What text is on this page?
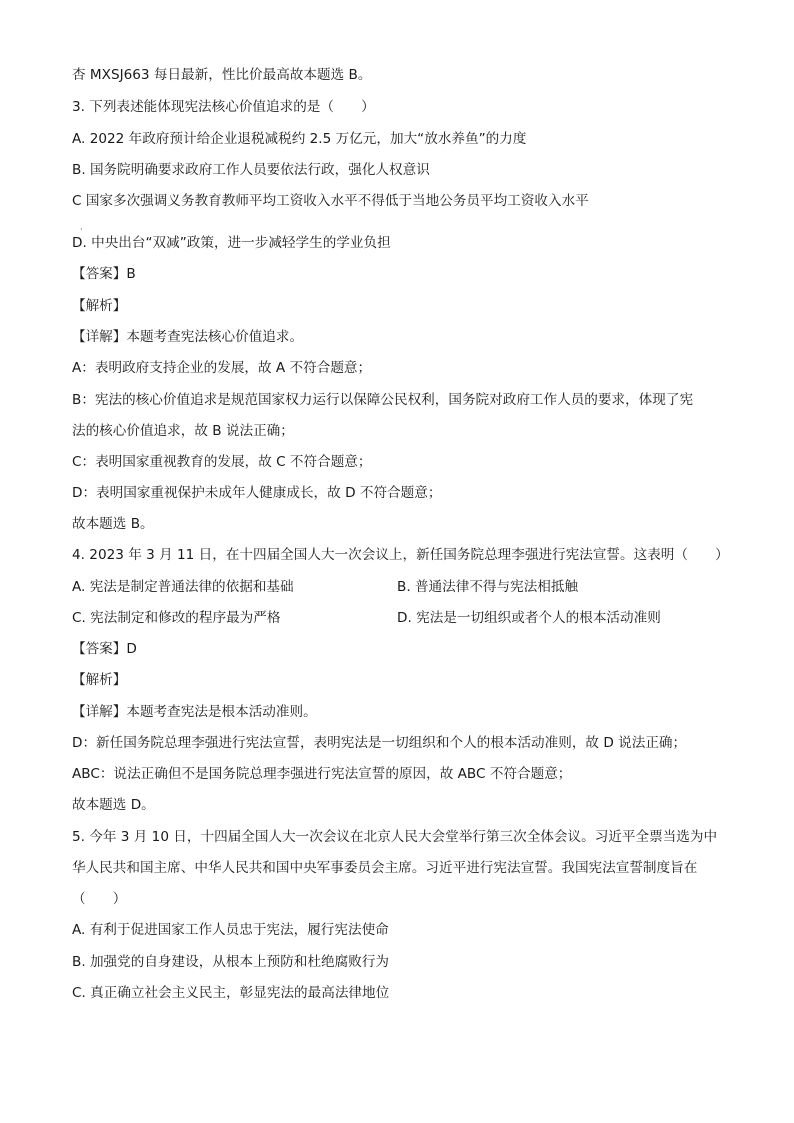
杏 MXSJ663 每日最新，性比价最高故本题选 B。
3. 下列表述能体现宪法核心价值追求的是（　　）
A. 2022 年政府预计给企业退税减税约 2.5 万亿元，加大“放水养鱼”的力度
B. 国务院明确要求政府工作人员要依法行政，强化人权意识
C 国家多次强调义务教育教师平均工资收入水平不得低于当地公务员平均工资收入水平
·
D. 中央出台“双减”政策，进一步减轻学生的学业负担
【答案】B
【解析】
【详解】本题考查宪法核心价值追求。
A：表明政府支持企业的发展，故 A 不符合题意；
B：宪法的核心价值追求是规范国家权力运行以保障公民权利，国务院对政府工作人员的要求，体现了宪
法的核心价值追求，故 B 说法正确；
C：表明国家重视教育的发展，故 C 不符合题意；
D：表明国家重视保护未成年人健康成长，故 D 不符合题意；
故本题选 B。
4. 2023 年 3 月 11 日，在十四届全国人大一次会议上，新任国务院总理李强进行宪法宣誓。这表明（　　）
A. 宪法是制定普通法律的依据和基础	B. 普通法律不得与宪法相抵触
C. 宪法制定和修改的程序最为严格	D. 宪法是一切组织或者个人的根本活动准则
【答案】D
【解析】
【详解】本题考查宪法是根本活动准则。
D：新任国务院总理李强进行宪法宣誓，表明宪法是一切组织和个人的根本活动准则，故 D 说法正确；
ABC：说法正确但不是国务院总理李强进行宪法宣誓的原因，故 ABC 不符合题意；
故本题选 D。
5. 今年 3 月 10 日，十四届全国人大一次会议在北京人民大会堂举行第三次全体会议。习近平全票当选为中
华人民共和国主席、中华人民共和国中央军事委员会主席。习近平进行宪法宣誓。我国宪法宣誓制度旨在
（　　）
A. 有利于促进国家工作人员忠于宪法，履行宪法使命
B. 加强党的自身建设，从根本上预防和杜绝腐败行为
C. 真正确立社会主义民主，彰显宪法的最高法律地位
